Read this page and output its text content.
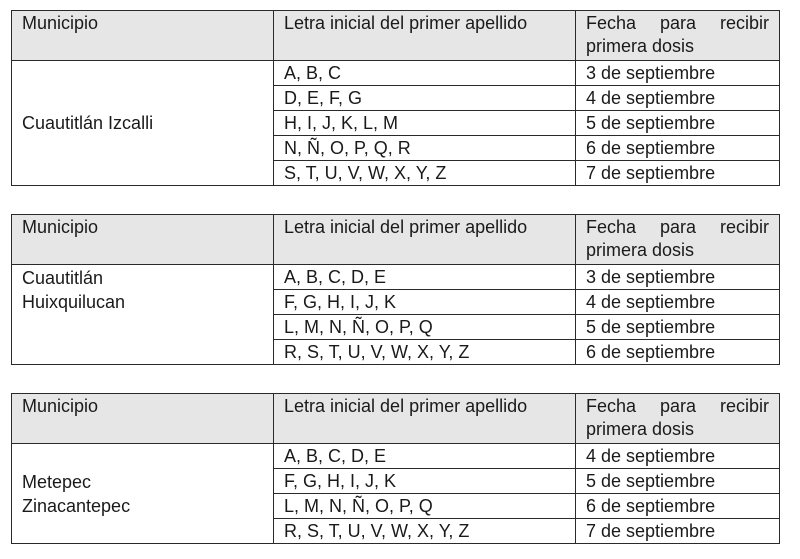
Municipio	Letra inicial del primer apellido	Fecha para recibir
primera dosis

Cuautitlán Izcalli	A, B, C	3 de septiembre
	D, E, F, G	4 de septiembre
	H, I, J, K, L, M	5 de septiembre
	N, Ñ, O, P, Q, R	6 de septiembre
	S, T, U, V, W, X, Y, Z	7 de septiembre
Municipio	Letra inicial del primer apellido	Fecha para recibir
primera dosis

Cuautitlán
Huixquilucan	A, B, C, D, E	3 de septiembre
	F, G, H, I, J, K	4 de septiembre
	L, M, N, Ñ, O, P, Q	5 de septiembre
	R, S, T, U, V, W, X, Y, Z	6 de septiembre
Municipio	Letra inicial del primer apellido	Fecha para recibir
primera dosis

Metepec
Zinacantepec	A, B, C, D, E	4 de septiembre
	F, G, H, I, J, K	5 de septiembre
	L, M, N, Ñ, O, P, Q	6 de septiembre
	R, S, T, U, V, W, X, Y, Z	7 de septiembre
